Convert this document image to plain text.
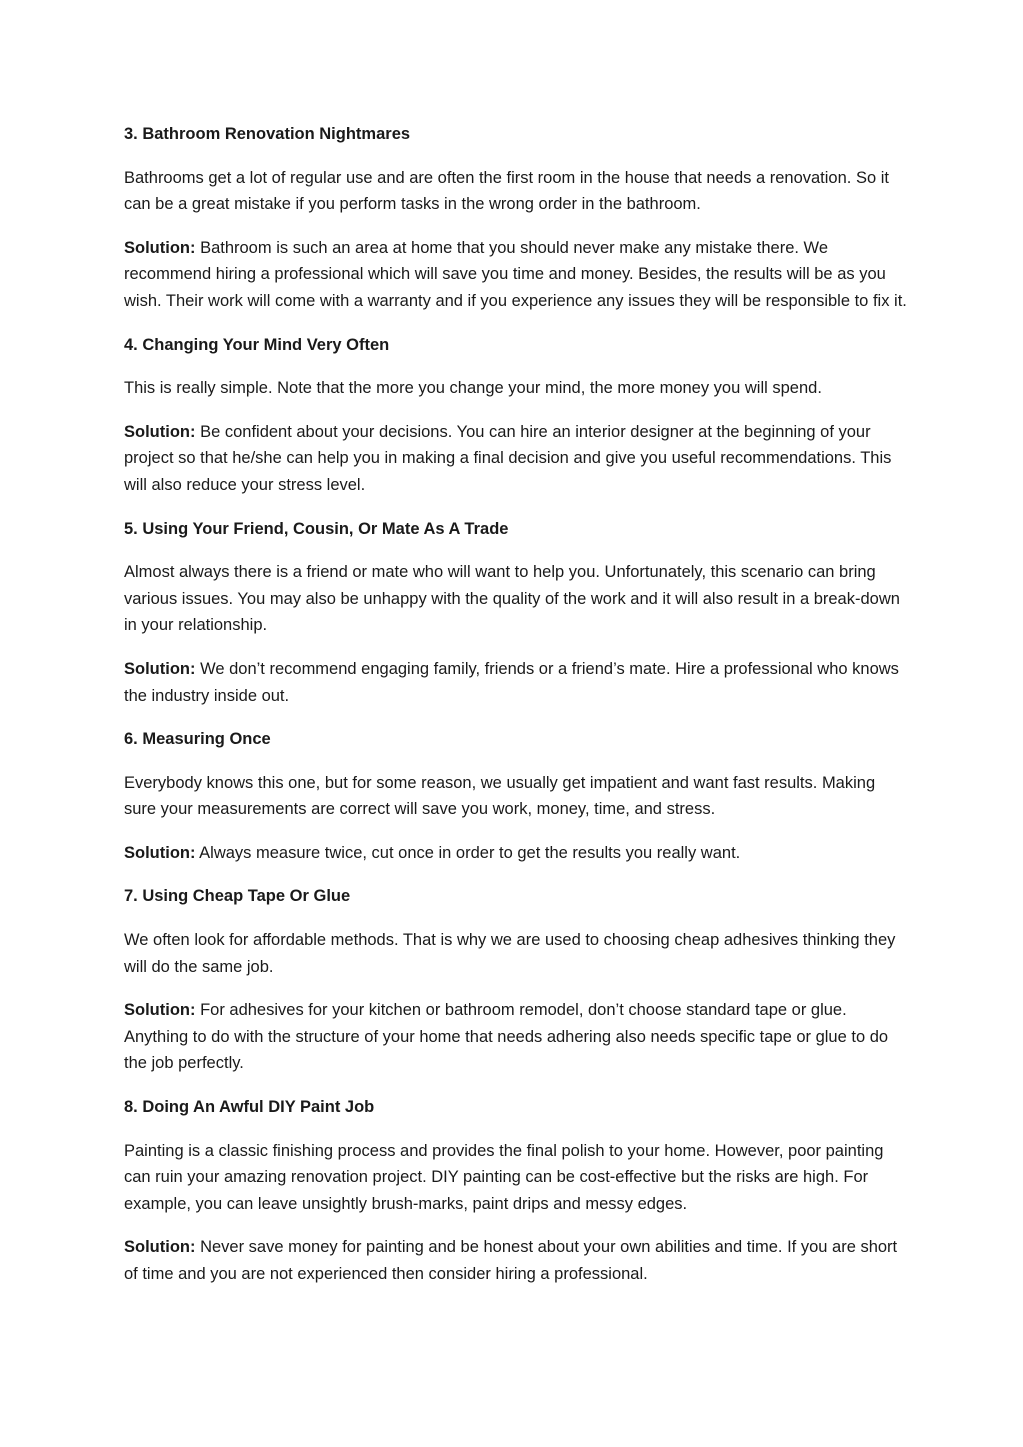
3. Bathroom Renovation Nightmares

Bathrooms get a lot of regular use and are often the first room in the house that needs a renovation. So it can be a great mistake if you perform tasks in the wrong order in the bathroom.

Solution: Bathroom is such an area at home that you should never make any mistake there. We recommend hiring a professional which will save you time and money. Besides, the results will be as you wish. Their work will come with a warranty and if you experience any issues they will be responsible to fix it.

4. Changing Your Mind Very Often

This is really simple. Note that the more you change your mind, the more money you will spend.

Solution: Be confident about your decisions. You can hire an interior designer at the beginning of your project so that he/she can help you in making a final decision and give you useful recommendations. This will also reduce your stress level.

5. Using Your Friend, Cousin, Or Mate As A Trade

Almost always there is a friend or mate who will want to help you. Unfortunately, this scenario can bring various issues. You may also be unhappy with the quality of the work and it will also result in a break-down in your relationship.

Solution: We don’t recommend engaging family, friends or a friend’s mate. Hire a professional who knows the industry inside out.

6. Measuring Once

Everybody knows this one, but for some reason, we usually get impatient and want fast results. Making sure your measurements are correct will save you work, money, time, and stress.

Solution: Always measure twice, cut once in order to get the results you really want.

7. Using Cheap Tape Or Glue

We often look for affordable methods. That is why we are used to choosing cheap adhesives thinking they will do the same job.

Solution: For adhesives for your kitchen or bathroom remodel, don’t choose standard tape or glue. Anything to do with the structure of your home that needs adhering also needs specific tape or glue to do the job perfectly.

8. Doing An Awful DIY Paint Job

Painting is a classic finishing process and provides the final polish to your home. However, poor painting can ruin your amazing renovation project. DIY painting can be cost-effective but the risks are high. For example, you can leave unsightly brush-marks, paint drips and messy edges.

Solution: Never save money for painting and be honest about your own abilities and time. If you are short of time and you are not experienced then consider hiring a professional.
